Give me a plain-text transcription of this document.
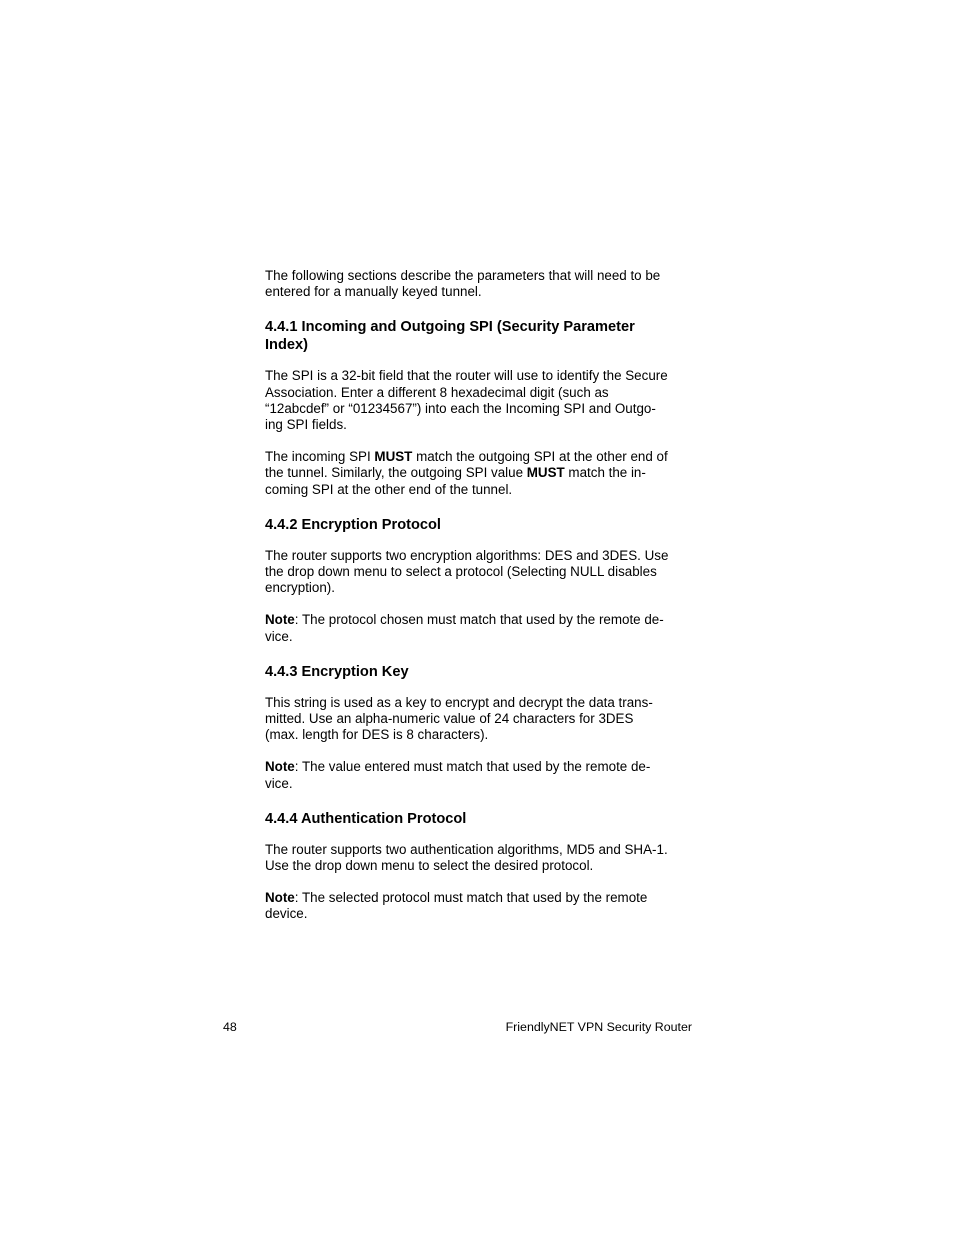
The following sections describe the parameters that will need to be
entered for a manually keyed tunnel.

4.4.1 Incoming and Outgoing SPI (Security Parameter
Index)

The SPI is a 32-bit field that the router will use to identify the Secure
Association. Enter a different 8 hexadecimal digit (such as
“12abcdef” or “01234567”) into each the Incoming SPI and Outgo-
ing SPI fields.

The incoming SPI MUST match the outgoing SPI at the other end of
the tunnel. Similarly, the outgoing SPI value MUST match the in-
coming SPI at the other end of the tunnel.

4.4.2 Encryption Protocol

The router supports two encryption algorithms: DES and 3DES. Use
the drop down menu to select a protocol (Selecting NULL disables
encryption).

Note: The protocol chosen must match that used by the remote de-
vice.

4.4.3 Encryption Key

This string is used as a key to encrypt and decrypt the data trans-
mitted. Use an alpha-numeric value of 24 characters for 3DES
(max. length for DES is 8 characters).

Note: The value entered must match that used by the remote de-
vice.

4.4.4 Authentication Protocol

The router supports two authentication algorithms, MD5 and SHA-1.
Use the drop down menu to select the desired protocol.

Note: The selected protocol must match that used by the remote
device.

48	FriendlyNET VPN Security Router
